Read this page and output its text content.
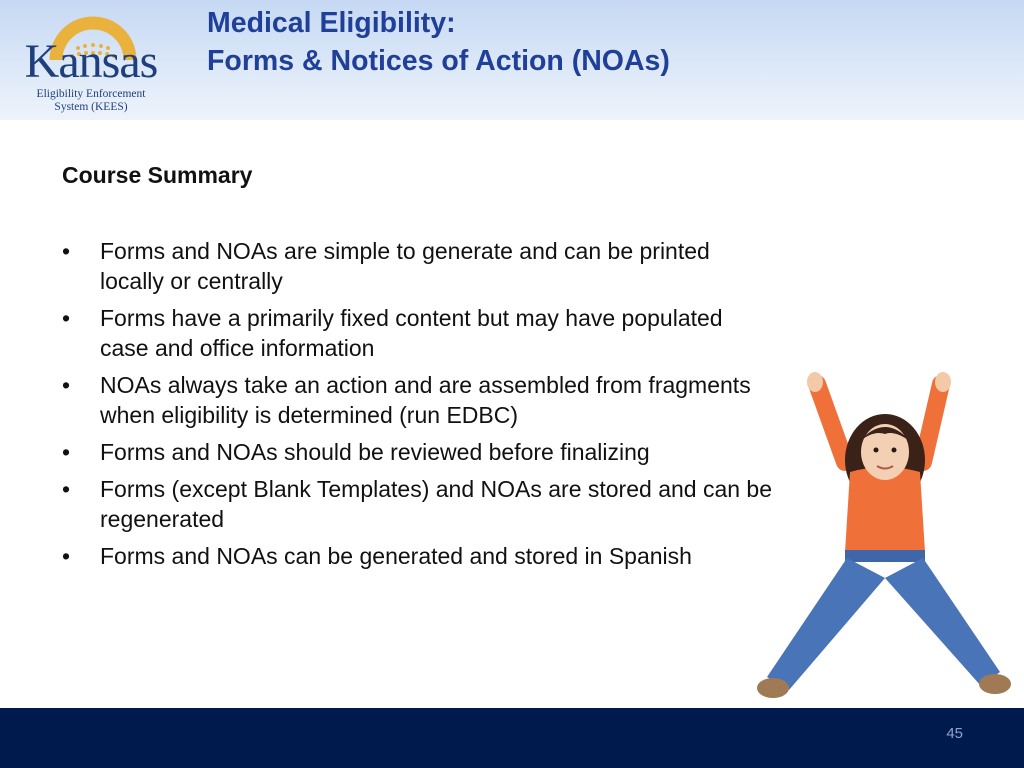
Kansas
Eligibility Enforcement
System (KEES)
Medical Eligibility:
Forms & Notices of Action (NOAs)
Course Summary
•	Forms and NOAs are simple to generate and can be printed locally or centrally
•	Forms have a primarily fixed content but may have populated case and office information
•	NOAs always take an action and are assembled from fragments when eligibility is determined (run EDBC)
•	Forms and NOAs should be reviewed before finalizing
•	Forms (except Blank Templates) and NOAs are stored and can be regenerated
•	Forms and NOAs can be generated and stored in Spanish
45
